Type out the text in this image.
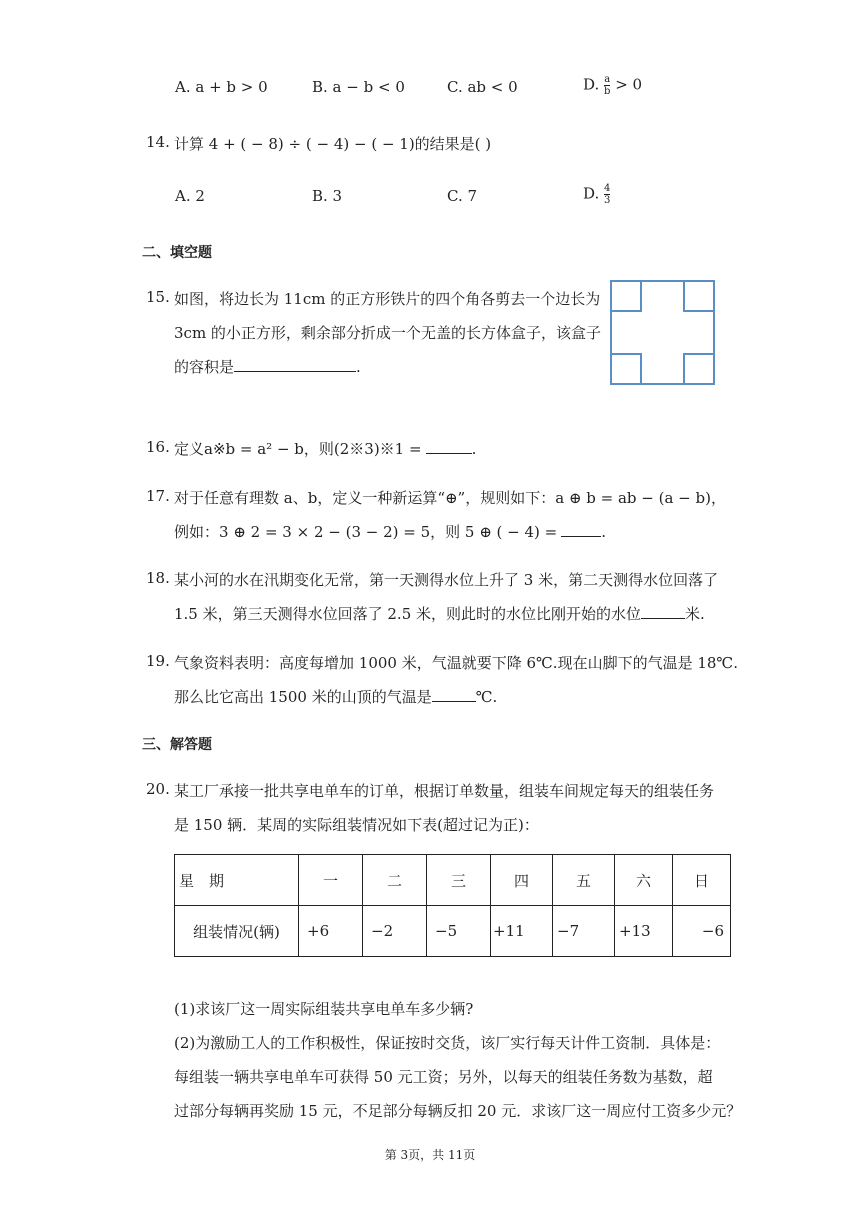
A. a + b > 0	B. a − b < 0	C. ab < 0	D. $\frac{a}{b} > 0$
14. 计算 4 + ( − 8) ÷ ( − 4) − ( − 1)的结果是( )
A. 2	B. 3	C. 7	D. $\frac{4}{3}$
二、填空题
15. 如图，将边长为 11cm 的正方形铁片的四个角各剪去一个边长为
3cm 的小正方形，剩余部分折成一个无盖的长方体盒子，该盒子
的容积是	.
16. 定义a※b = a² − b，则(2※3)※1 =	.
17. 对于任意有理数 a、b，定义一种新运算“⊕”，规则如下：a ⊕ b = ab − (a − b)，
例如：3 ⊕ 2 = 3 × 2 − (3 − 2) = 5，则 5 ⊕ ( − 4) =	.
18. 某小河的水在汛期变化无常，第一天测得水位上升了 3 米，第二天测得水位回落了
1.5 米，第三天测得水位回落了 2.5 米，则此时的水位比刚开始的水位	米.
19. 气象资料表明：高度每增加 1000 米，气温就要下降 6℃.现在山脚下的气温是 18℃.
那么比它高出 1500 米的山顶的气温是	℃.
三、解答题
20. 某工厂承接一批共享电单车的订单，根据订单数量，组装车间规定每天的组装任务
是 150 辆．某周的实际组装情况如下表(超过记为正)：
星　期	一	二	三	四	五	六	日
组装情况(辆)	+6	−2	−5	+11	−7	+13	−6
(1)求该厂这一周实际组装共享电单车多少辆?
(2)为激励工人的工作积极性，保证按时交货，该厂实行每天计件工资制．具体是：
每组装一辆共享电单车可获得 50 元工资；另外，以每天的组装任务数为基数，超
过部分每辆再奖励 15 元，不足部分每辆反扣 20 元．求该厂这一周应付工资多少元？
第 3页，共 11页
